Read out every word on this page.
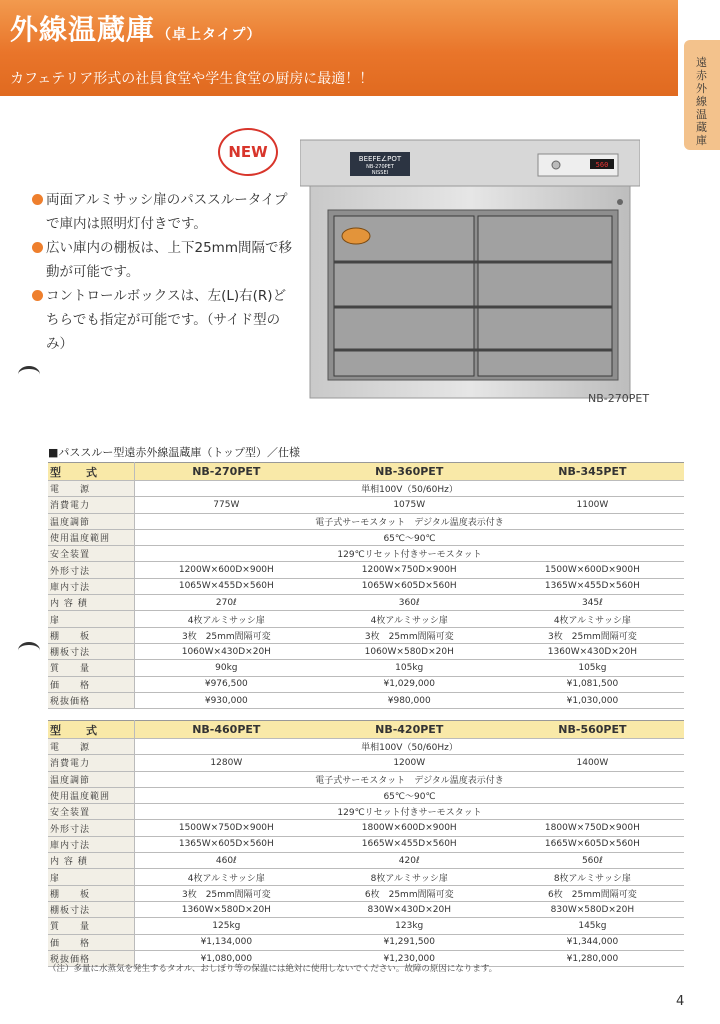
外線温蔵庫 （卓上タイプ）
カフェテリア形式の社員食堂や学生食堂の厨房に最適！！
遠赤外線温蔵庫
NEW
両面アルミサッシ扉のパススルータイプで庫内は照明灯付きです。
広い庫内の棚板は、上下25mm間隔で移動が可能です。
コントロールボックスは、左(L)右(R)どちらでも指定が可能です。（サイド型のみ）
BEEFE∠POT
NB-270PET
NISSEI
560
NB-270PET
■パススルー型遠赤外線温蔵庫（トップ型）／仕様
型　　式	NB-270PET	NB-360PET	NB-345PET
電　　源	単相100V（50/60Hz）		
消費電力	775W	1075W	1100W
温度調節	電子式サーモスタット　デジタル温度表示付き		
使用温度範囲	65℃〜90℃		
安全装置	129℃リセット付きサーモスタット		
外形寸法	1200W×600D×900H	1200W×750D×900H	1500W×600D×900H
庫内寸法	1065W×455D×560H	1065W×605D×560H	1365W×455D×560H
内 容 積	270ℓ	360ℓ	345ℓ
扉	4枚アルミサッシ扉	4枚アルミサッシ扉	4枚アルミサッシ扉
棚　　板	3枚　25mm間隔可変	3枚　25mm間隔可変	3枚　25mm間隔可変
棚板寸法	1060W×430D×20H	1060W×580D×20H	1360W×430D×20H
質　　量	90kg	105kg	105kg
価　　格	¥976,500	¥1,029,000	¥1,081,500
税抜価格	¥930,000	¥980,000	¥1,030,000
型　　式	NB-460PET	NB-420PET	NB-560PET
電　　源	単相100V（50/60Hz）		
消費電力	1280W	1200W	1400W
温度調節	電子式サーモスタット　デジタル温度表示付き		
使用温度範囲	65℃〜90℃		
安全装置	129℃リセット付きサーモスタット		
外形寸法	1500W×750D×900H	1800W×600D×900H	1800W×750D×900H
庫内寸法	1365W×605D×560H	1665W×455D×560H	1665W×605D×560H
内 容 積	460ℓ	420ℓ	560ℓ
扉	4枚アルミサッシ扉	8枚アルミサッシ扉	8枚アルミサッシ扉
棚　　板	3枚　25mm間隔可変	6枚　25mm間隔可変	6枚　25mm間隔可変
棚板寸法	1360W×580D×20H	830W×430D×20H	830W×580D×20H
質　　量	125kg	123kg	145kg
価　　格	¥1,134,000	¥1,291,500	¥1,344,000
税抜価格	¥1,080,000	¥1,230,000	¥1,280,000
（注）多量に水蒸気を発生するタオル、おしぼり等の保温には絶対に使用しないでください。故障の原因になります。
4
